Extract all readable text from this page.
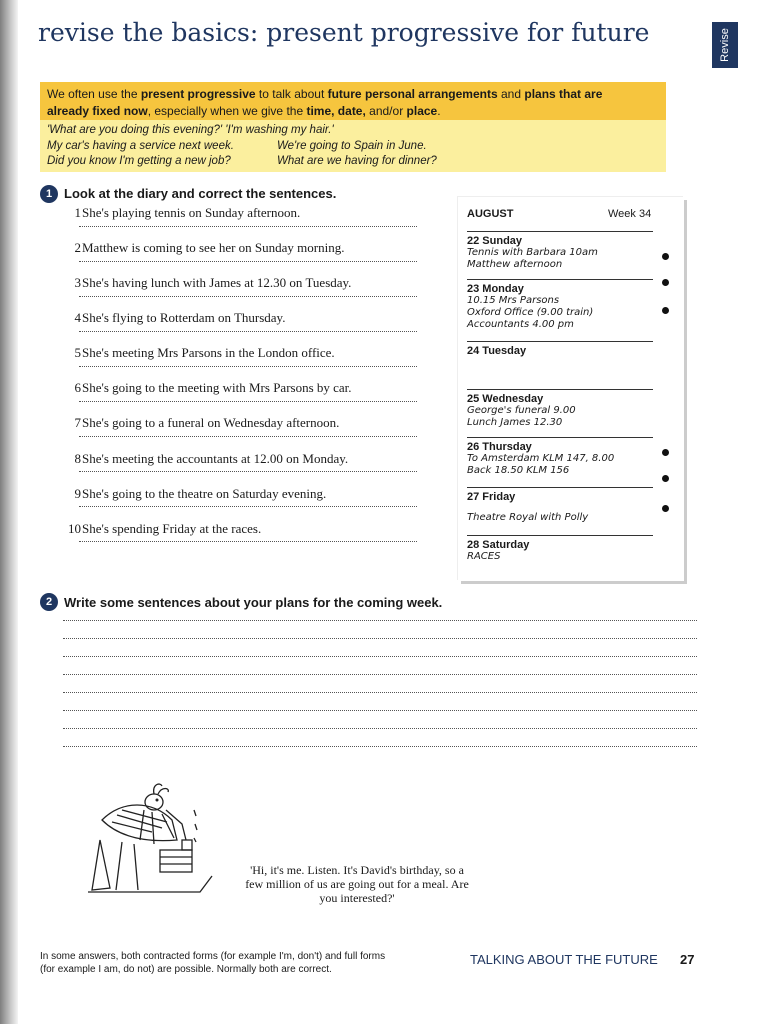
revise the basics: present progressive for future	Revise
We often use the present progressive to talk about future personal arrangements and plans that are already fixed now, especially when we give the time, date, and/or place.
'What are you doing this evening?' 'I'm washing my hair.'
My car's having a service next week.	We're going to Spain in June.
Did you know I'm getting a new job?	What are we having for dinner?
1 Look at the diary and correct the sentences.
1 She's playing tennis on Sunday afternoon.
2 Matthew is coming to see her on Sunday morning.
3 She's having lunch with James at 12.30 on Tuesday.
4 She's flying to Rotterdam on Thursday.
5 She's meeting Mrs Parsons in the London office.
6 She's going to the meeting with Mrs Parsons by car.
7 She's going to a funeral on Wednesday afternoon.
8 She's meeting the accountants at 12.00 on Monday.
9 She's going to the theatre on Saturday evening.
10 She's spending Friday at the races.
AUGUST	Week 34
22 Sunday
Tennis with Barbara 10am
Matthew afternoon
23 Monday
10.15 Mrs Parsons
Oxford Office (9.00 train)
Accountants 4.00 pm
24 Tuesday
25 Wednesday
George's funeral 9.00
Lunch James 12.30
26 Thursday
To Amsterdam KLM 147, 8.00
Back 18.50 KLM 156
27 Friday
Theatre Royal with Polly
28 Saturday
RACES
2 Write some sentences about your plans for the coming week.
'Hi, it's me. Listen. It's David's birthday, so a few million of us are going out for a meal. Are you interested?'
In some answers, both contracted forms (for example I'm, don't) and full forms (for example I am, do not) are possible. Normally both are correct.
TALKING ABOUT THE FUTURE 27
